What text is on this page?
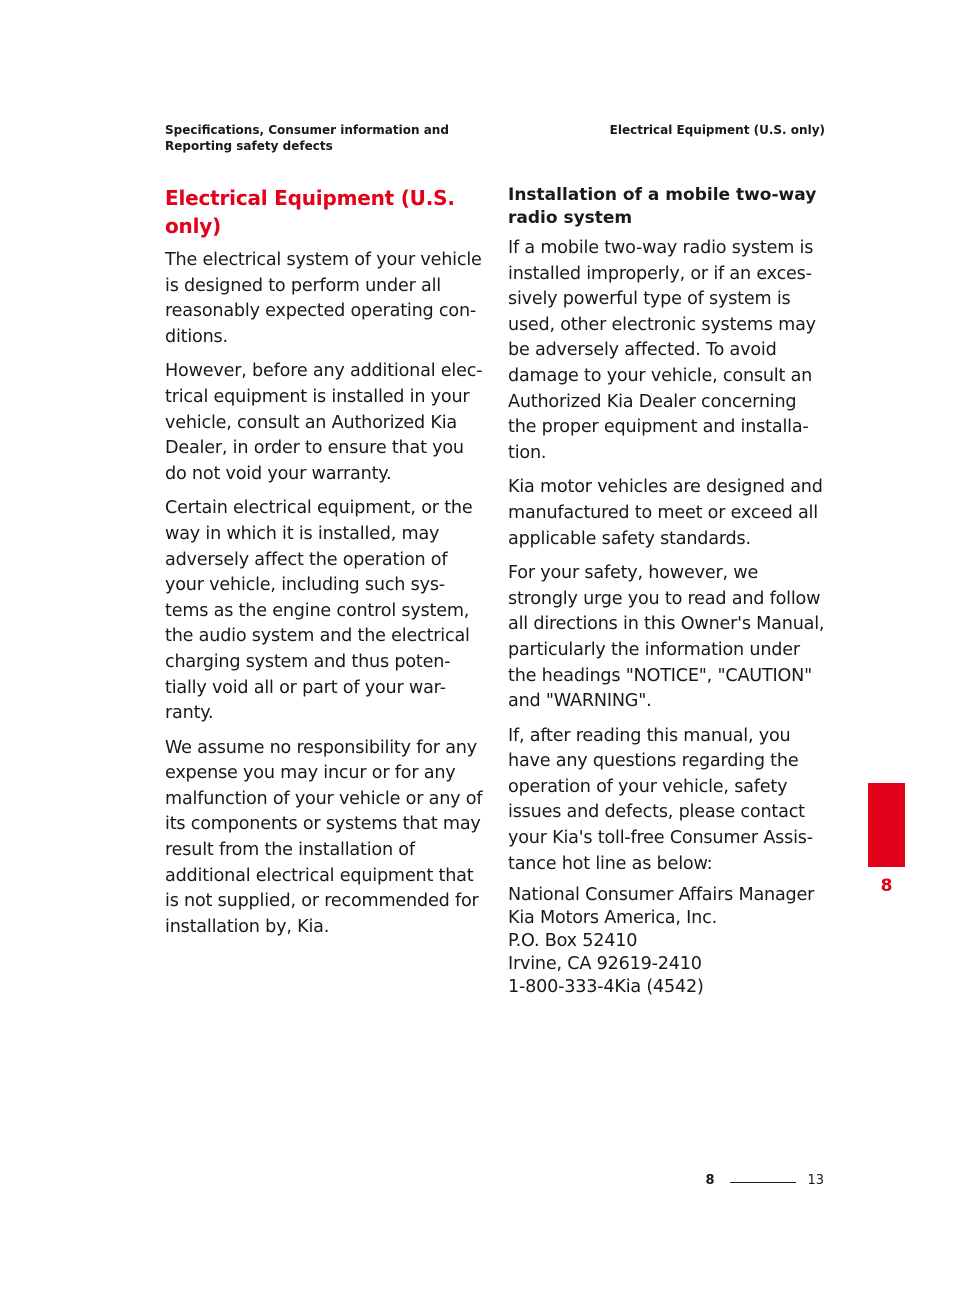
Specifications, Consumer information and
Reporting safety defects
Electrical Equipment (U.S. only)
Electrical Equipment (U.S. only)

The electrical system of your vehicle is designed to perform under all reasonably expected operating con-ditions.

However, before any additional elec-trical equipment is installed in your vehicle, consult an Authorized Kia Dealer, in order to ensure that you do not void your warranty.

Certain electrical equipment, or the way in which it is installed, may adversely affect the operation of your vehicle, including such sys-tems as the engine control system, the audio system and the electrical charging system and thus poten-tially void all or part of your war-ranty.

We assume no responsibility for any expense you may incur or for any malfunction of your vehicle or any of its components or systems that may result from the installation of additional electrical equipment that is not supplied, or recommended for installation by, Kia.

Installation of a mobile two-way radio system

If a mobile two-way radio system is installed improperly, or if an exces-sively powerful type of system is used, other electronic systems may be adversely affected. To avoid damage to your vehicle, consult an Authorized Kia Dealer concerning the proper equipment and installa-tion.

Kia motor vehicles are designed and manufactured to meet or exceed all applicable safety standards.

For your safety, however, we strongly urge you to read and follow all directions in this Owner's Manual, particularly the information under the headings "NOTICE", "CAUTION" and "WARNING".

If, after reading this manual, you have any questions regarding the operation of your vehicle, safety issues and defects, please contact your Kia's toll-free Consumer Assis-tance hot line as below:

National Consumer Affairs Manager

Kia Motors America, Inc.

P.O. Box 52410

Irvine, CA 92619-2410

1-800-333-4Kia (4542)

8
8	13
